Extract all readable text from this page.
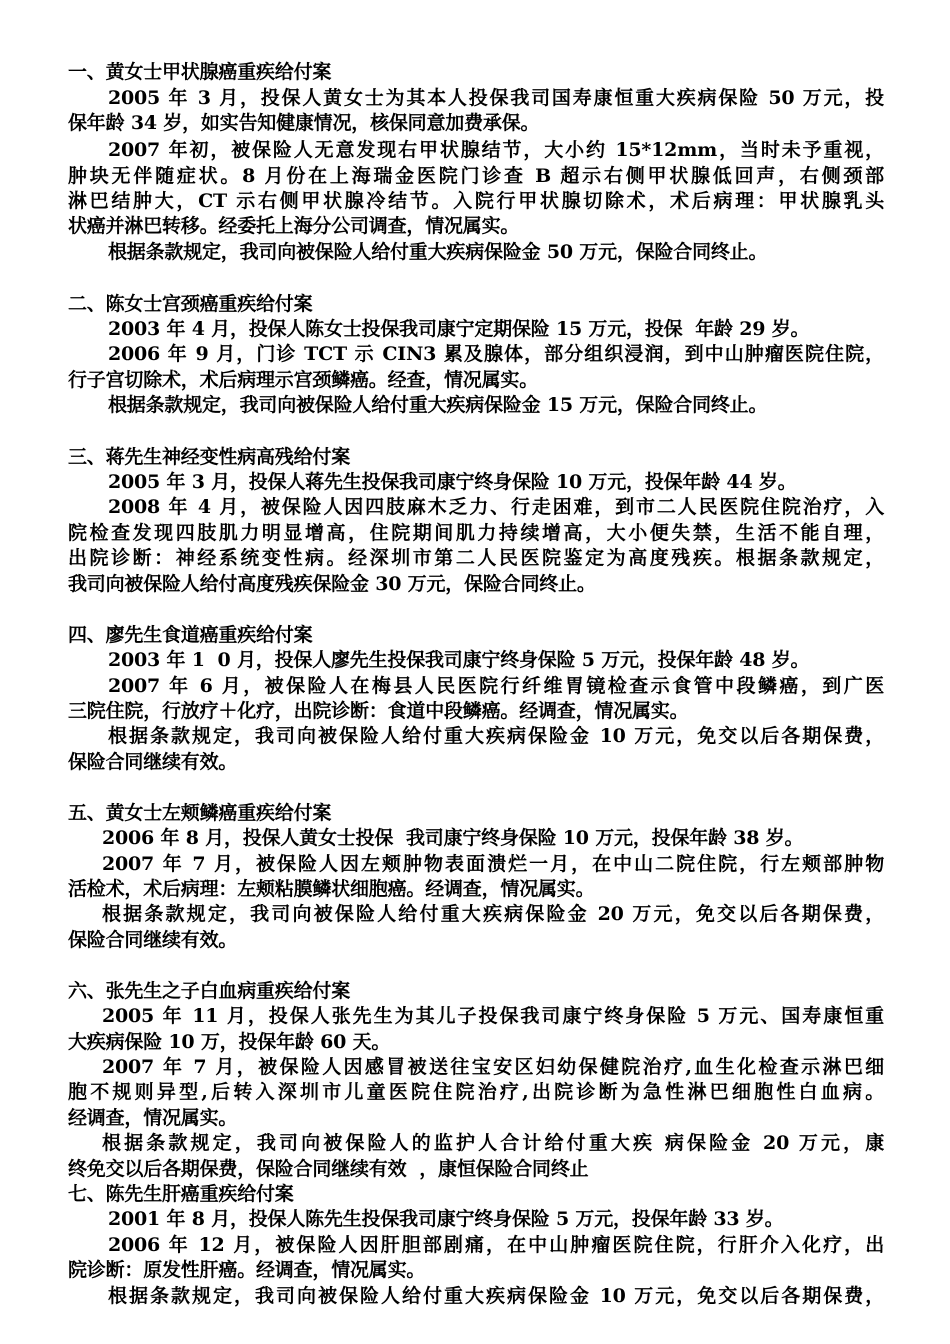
一、黄女士甲状腺癌重疾给付案
2005 年 3 月，投保人黄女士为其本人投保我司国寿康恒重大疾病保险 50 万元，投
保年龄 34 岁，如实告知健康情况，核保同意加费承保。
2007 年初，被保险人无意发现右甲状腺结节，大小约 15*12mm，当时未予重视，
肿块无伴随症状。8 月份在上海瑞金医院门诊查 B 超示右侧甲状腺低回声，右侧颈部
淋巴结肿大，CT 示右侧甲状腺冷结节。入院行甲状腺切除术，术后病理：甲状腺乳头
状癌并淋巴转移。经委托上海分公司调查，情况属实。
根据条款规定，我司向被保险人给付重大疾病保险金 50 万元，保险合同终止。
二、陈女士宫颈癌重疾给付案
2003 年 4 月，投保人陈女士投保我司康宁定期保险 15 万元，投保  年龄 29 岁。
2006 年 9 月，门诊 TCT 示 CIN3 累及腺体，部分组织浸润，到中山肿瘤医院住院，
行子宫切除术，术后病理示宫颈鳞癌。经查，情况属实。
根据条款规定，我司向被保险人给付重大疾病保险金 15 万元，保险合同终止。
三、蒋先生神经变性病高残给付案
2005 年 3 月，投保人蒋先生投保我司康宁终身保险 10 万元，投保年龄 44 岁。
2008 年 4 月，被保险人因四肢麻木乏力、行走困难，到市二人民医院住院治疗，入
院检查发现四肢肌力明显增高，住院期间肌力持续增高，大小便失禁，生活不能自理，
出院诊断：神经系统变性病。经深圳市第二人民医院鉴定为高度残疾。根据条款规定，
我司向被保险人给付高度残疾保险金 30 万元，保险合同终止。
四、廖先生食道癌重疾给付案
2003 年 1  0 月，投保人廖先生投保我司康宁终身保险 5 万元，投保年龄 48 岁。
2007 年 6 月，被保险人在梅县人民医院行纤维胃镜检查示食管中段鳞癌，到广医
三院住院，行放疗＋化疗，出院诊断：食道中段鳞癌。经调查，情况属实。
根据条款规定，我司向被保险人给付重大疾病保险金 10 万元，免交以后各期保费，
保险合同继续有效。
五、黄女士左颊鳞癌重疾给付案
2006 年 8 月，投保人黄女士投保  我司康宁终身保险 10 万元，投保年龄 38 岁。
2007 年 7 月，被保险人因左颊肿物表面溃烂一月，在中山二院住院，行左颊部肿物
活检术，术后病理：左颊粘膜鳞状细胞癌。经调查，情况属实。
根据条款规定，我司向被保险人给付重大疾病保险金 20 万元，免交以后各期保费，
保险合同继续有效。
六、张先生之子白血病重疾给付案
2005 年 11 月，投保人张先生为其儿子投保我司康宁终身保险 5 万元、国寿康恒重
大疾病保险 10 万，投保年龄 60 天。
2007 年 7 月，被保险人因感冒被送往宝安区妇幼保健院治疗,血生化检查示淋巴细
胞不规则异型,后转入深圳市儿童医院住院治疗,出院诊断为急性淋巴细胞性白血病。
经调查，情况属实。
根据条款规定，我司向被保险人的监护人合计给付重大疾 病保险金 20 万元，康
终免交以后各期保费，保险合同继续有效  ，康恒保险合同终止
七、陈先生肝癌重疾给付案
2001 年 8 月，投保人陈先生投保我司康宁终身保险 5 万元，投保年龄 33 岁。
2006 年 12 月，被保险人因肝胆部剧痛，在中山肿瘤医院住院，行肝介入化疗，出
院诊断：原发性肝癌。经调查，情况属实。
根据条款规定，我司向被保险人给付重大疾病保险金 10 万元，免交以后各期保费，
